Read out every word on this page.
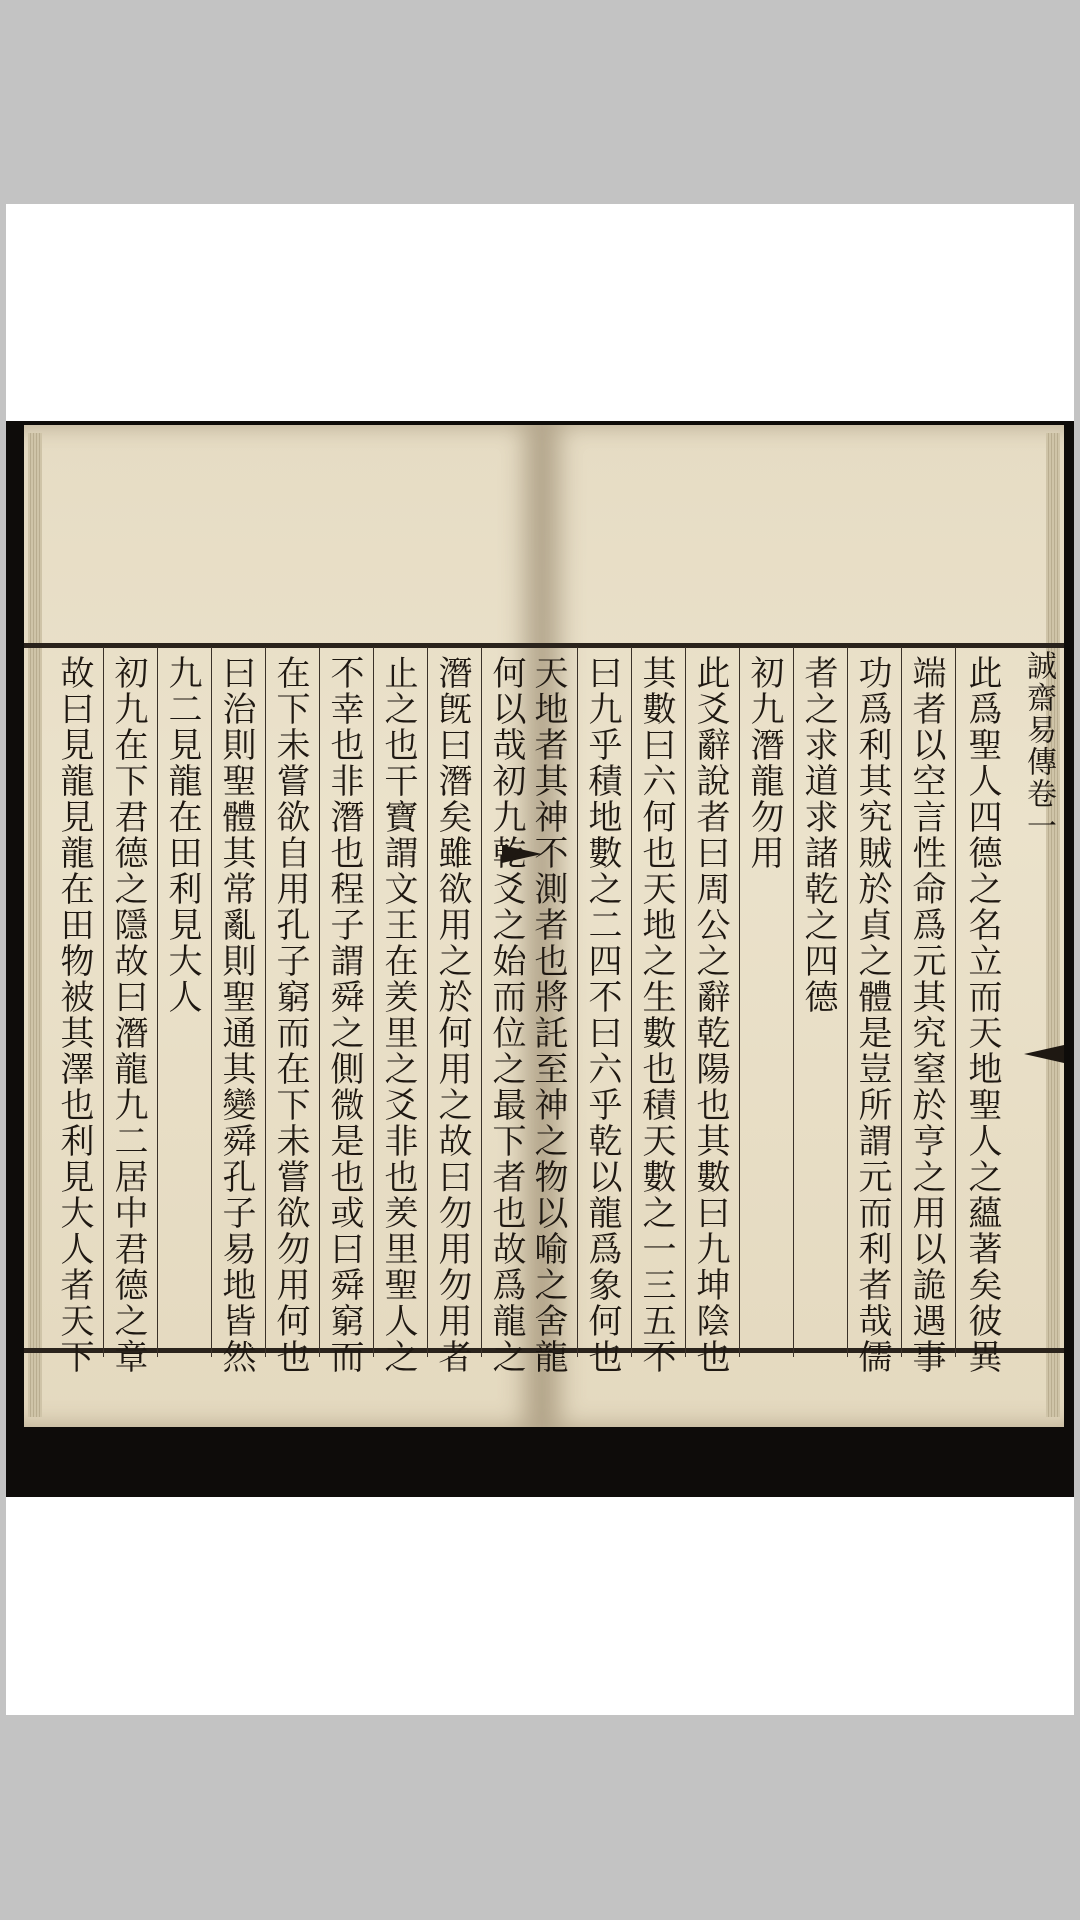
何以哉初九乾爻之始而位之最下者也故爲龍之
潛旣曰潛矣雖欲用之於何用之故曰勿用勿用者
止之也干寶謂文王在羑里之爻非也羑里聖人之
不幸也非潛也程子謂舜之側微是也或曰舜窮而
在下未嘗欲自用孔子窮而在下未嘗欲勿用何也
曰治則聖體其常亂則聖通其變舜孔子易地皆然
九二見龍在田利見大人
初九在下君德之隱故曰潛龍九二居中君德之章
故曰見龍見龍在田物被其澤也利見大人者天下	誠齋易傳卷一
此爲聖人四德之名立而天地聖人之蘊著矣彼異
端者以空言性命爲元其究窒於亨之用以詭遇事
功爲利其究賊於貞之體是豈所謂元而利者哉儒
者之求道求諸乾之四德
初九潛龍勿用
此爻辭說者曰周公之辭乾陽也其數曰九坤陰也
其數曰六何也天地之生數也積天數之一三五不
曰九乎積地數之二四不曰六乎乾以龍爲象何也
天地者其神不測者也將託至神之物以喻之舍龍
